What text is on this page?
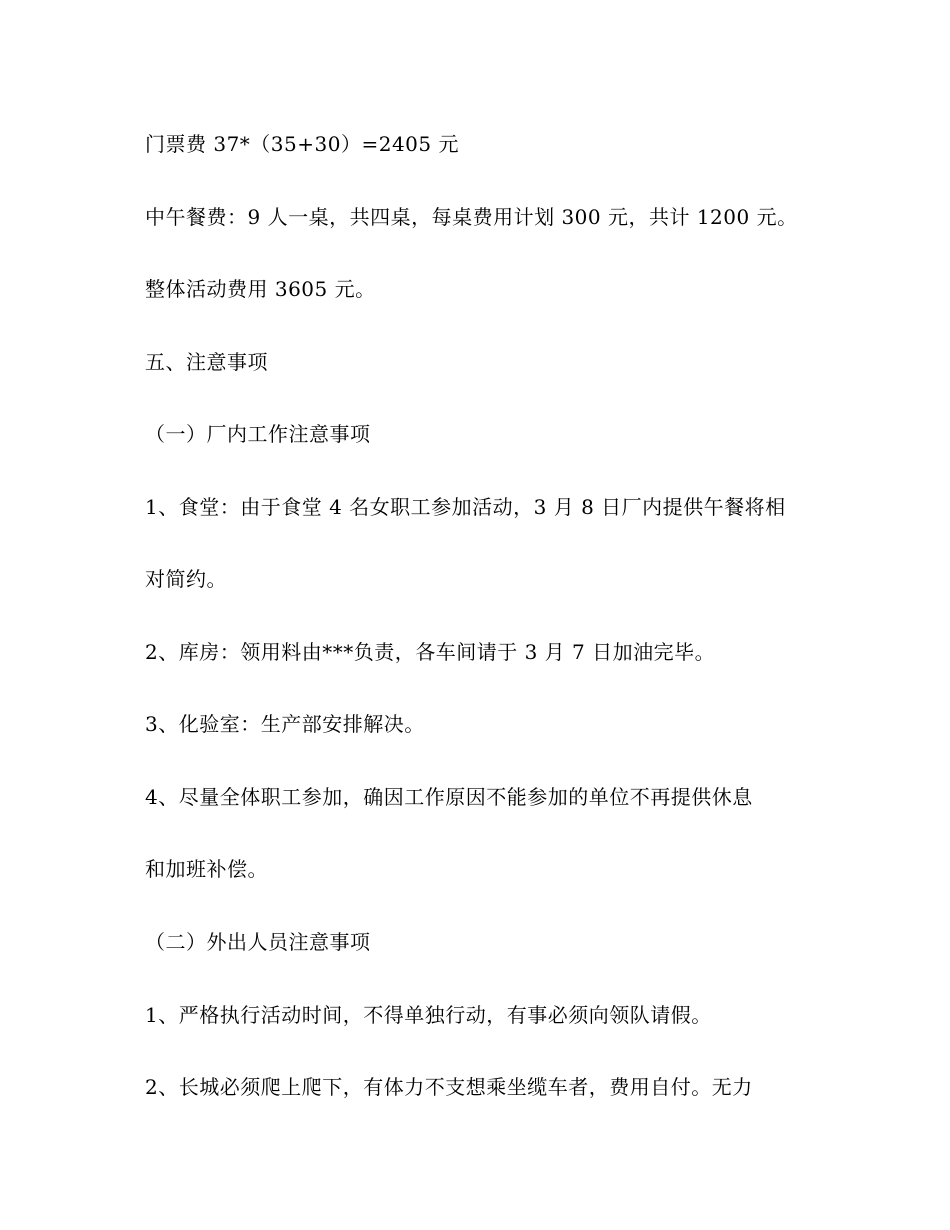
门票费 37*（35+30）=2405 元
中午餐费：9 人一桌，共四桌，每桌费用计划 300 元，共计 1200 元。
整体活动费用 3605 元。
五、注意事项
（一）厂内工作注意事项
1、食堂：由于食堂 4 名女职工参加活动，3 月 8 日厂内提供午餐将相
对简约。
2、库房：领用料由***负责，各车间请于 3 月 7 日加油完毕。
3、化验室：生产部安排解决。
4、尽量全体职工参加，确因工作原因不能参加的单位不再提供休息
和加班补偿。
（二）外出人员注意事项
1、严格执行活动时间，不得单独行动，有事必须向领队请假。
2、长城必须爬上爬下，有体力不支想乘坐缆车者，费用自付。无力
